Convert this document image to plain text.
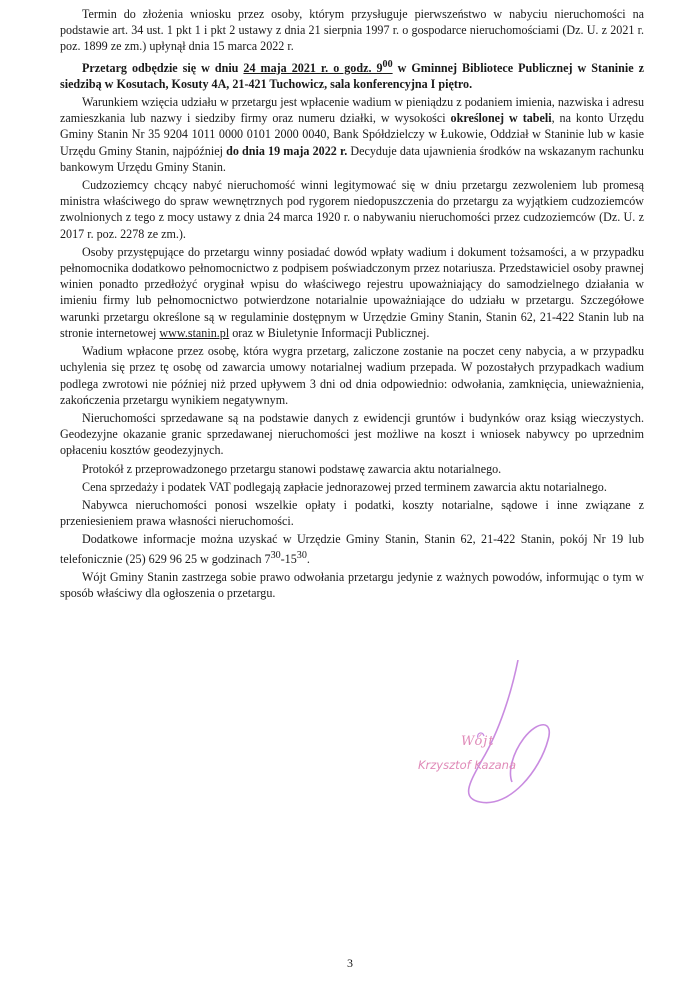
Termin do złożenia wniosku przez osoby, którym przysługuje pierwszeństwo w nabyciu nieruchomości na podstawie art. 34 ust. 1 pkt 1 i pkt 2 ustawy z dnia 21 sierpnia 1997 r. o gospodarce nieruchomościami (Dz. U. z 2021 r. poz. 1899 ze zm.) upłynął dnia 15 marca 2022 r.

Przetarg odbędzie się w dniu 24 maja 2021 r. o godz. $9^{00}$ w Gminnej Bibliotece Publicznej w Staninie z siedzibą w Kosutach, Kosuty 4A, 21-421 Tuchowicz, sala konferencyjna I piętro.

Warunkiem wzięcia udziału w przetargu jest wpłacenie wadium w pieniądzu z podaniem imienia, nazwiska i adresu zamieszkania lub nazwy i siedziby firmy oraz numeru działki, w wysokości określonej w tabeli, na konto Urzędu Gminy Stanin Nr 35 9204 1011 0000 0101 2000 0040, Bank Spółdzielczy w Łukowie, Oddział w Staninie lub w kasie Urzędu Gminy Stanin, najpóźniej do dnia 19 maja 2022 r. Decyduje data ujawnienia środków na wskazanym rachunku bankowym Urzędu Gminy Stanin.

Cudzoziemcy chcący nabyć nieruchomość winni legitymować się w dniu przetargu zezwoleniem lub promesą ministra właściwego do spraw wewnętrznych pod rygorem niedopuszczenia do przetargu za wyjątkiem cudzoziemców zwolnionych z tego z mocy ustawy z dnia 24 marca 1920 r. o nabywaniu nieruchomości przez cudzoziemców (Dz. U. z 2017 r. poz. 2278 ze zm.).

Osoby przystępujące do przetargu winny posiadać dowód wpłaty wadium i dokument tożsamości, a w przypadku pełnomocnika dodatkowo pełnomocnictwo z podpisem poświadczonym przez notariusza. Przedstawiciel osoby prawnej winien ponadto przedłożyć oryginał wpisu do właściwego rejestru upoważniający do samodzielnego działania w imieniu firmy lub pełnomocnictwo potwierdzone notarialnie upoważniające do udziału w przetargu. Szczegółowe warunki przetargu określone są w regulaminie dostępnym w Urzędzie Gminy Stanin, Stanin 62, 21-422 Stanin lub na stronie internetowej www.stanin.pl oraz w Biuletynie Informacji Publicznej.

Wadium wpłacone przez osobę, która wygra przetarg, zaliczone zostanie na poczet ceny nabycia, a w przypadku uchylenia się przez tę osobę od zawarcia umowy notarialnej wadium przepada. W pozostałych przypadkach wadium podlega zwrotowi nie później niż przed upływem 3 dni od dnia odpowiednio: odwołania, zamknięcia, unieważnienia, zakończenia przetargu wynikiem negatywnym.

Nieruchomości sprzedawane są na podstawie danych z ewidencji gruntów i budynków oraz ksiąg wieczystych. Geodezyjne okazanie granic sprzedawanej nieruchomości jest możliwe na koszt i wniosek nabywcy po uprzednim opłaceniu kosztów geodezyjnych.

Protokół z przeprowadzonego przetargu stanowi podstawę zawarcia aktu notarialnego.

Cena sprzedaży i podatek VAT podlegają zapłacie jednorazowej przed terminem zawarcia aktu notarialnego.

Nabywca nieruchomości ponosi wszelkie opłaty i podatki, koszty notarialne, sądowe i inne związane z przeniesieniem prawa własności nieruchomości.

Dodatkowe informacje można uzyskać w Urzędzie Gminy Stanin, Stanin 62, 21-422 Stanin, pokój Nr 19 lub telefonicznie (25) 629 96 25 w godzinach $7^{30}-15^{30}$.

Wójt Gminy Stanin zastrzega sobie prawo odwołania przetargu jedynie z ważnych powodów, informując o tym w sposób właściwy dla ogłoszenia o przetargu.

Wójt
Krzysztof Kazana
3
